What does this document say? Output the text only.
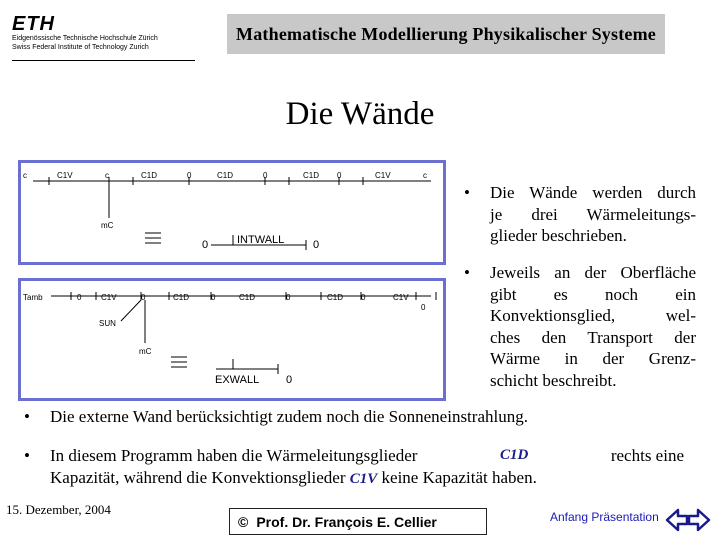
ETH
Eidgenössische Technische Hochschule Zürich
Swiss Federal Institute of Technology Zurich
Mathematische Modellierung Physikalischer Systeme
Die Wände
c	C1V	c	C1D	0	C1D	0	C1D 0	C1V	c
mC
0	INTWALL	0
Tamb	0 C1V	0	C1D	0	C1D	0	C1D 0	C1V
0
SUN
mC
EXWALL 0
• Die Wände werden durch
je drei Wärmeleitungs-
glieder beschrieben.
• Jeweils an der Oberfläche
gibt es noch ein
Konvektionsglied, wel-
ches den Transport der
Wärme in der Grenz-
schicht beschreibt.
• Die externe Wand berücksichtigt zudem noch die Sonneneinstrahlung.
• In diesem Programm haben die Wärmeleitungsglieder	C1D	rechts eine
Kapazität, während die Konvektionsglieder C1V keine Kapazität haben.
15. Dezember, 2004
© Prof. Dr. François E. Cellier	Anfang Präsentation
